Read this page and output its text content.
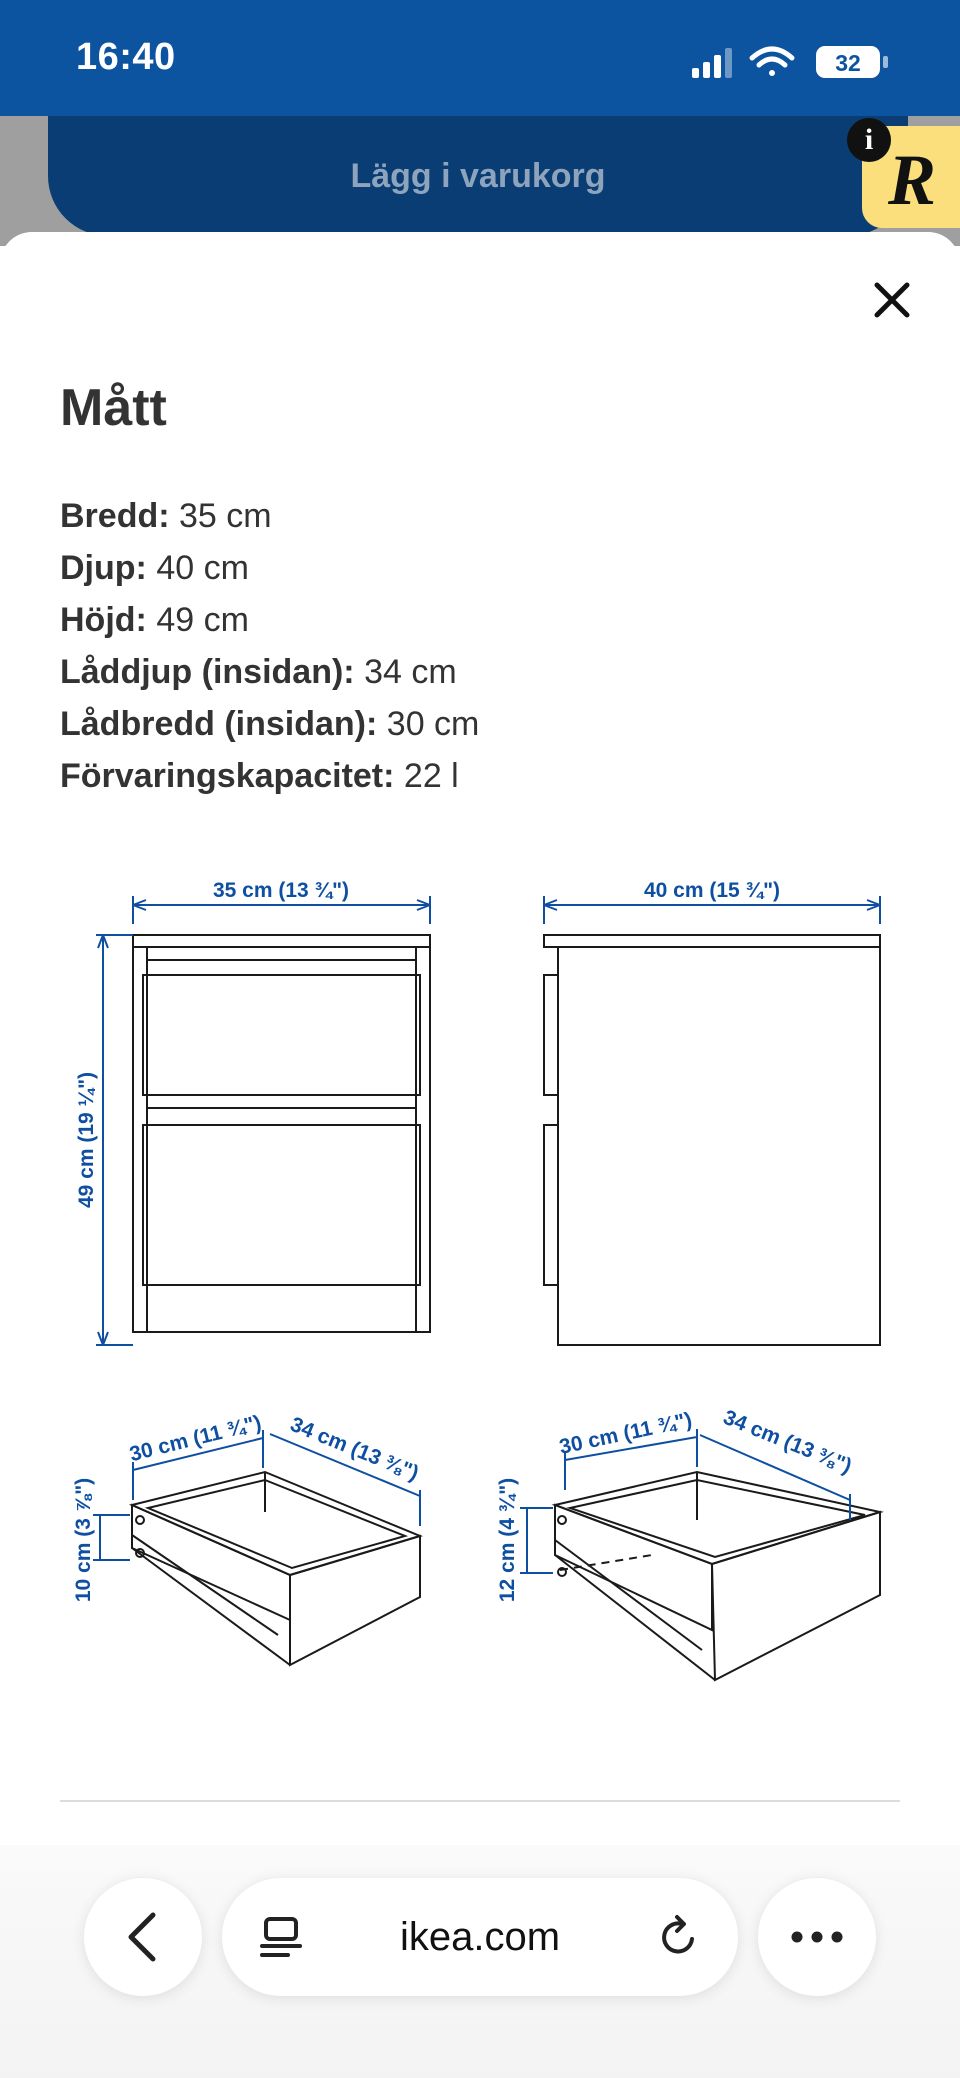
16:40	32
Lägg i varukorg	R
i
Mått
Bredd: 35 cm
Djup: 40 cm
Höjd: 49 cm
Låddjup (insidan): 34 cm
Lådbredd (insidan): 30 cm
Förvaringskapacitet: 22 l
35 cm (13 ¾")
49 cm (19 ¼")
40 cm (15 ¾")
30 cm (11 ¾") 34 cm (13 ⅜")
10 cm (3 ⅞")
30 cm (11 ¾") 34 cm (13 ⅜")
12 cm (4 ¾")
ikea.com
